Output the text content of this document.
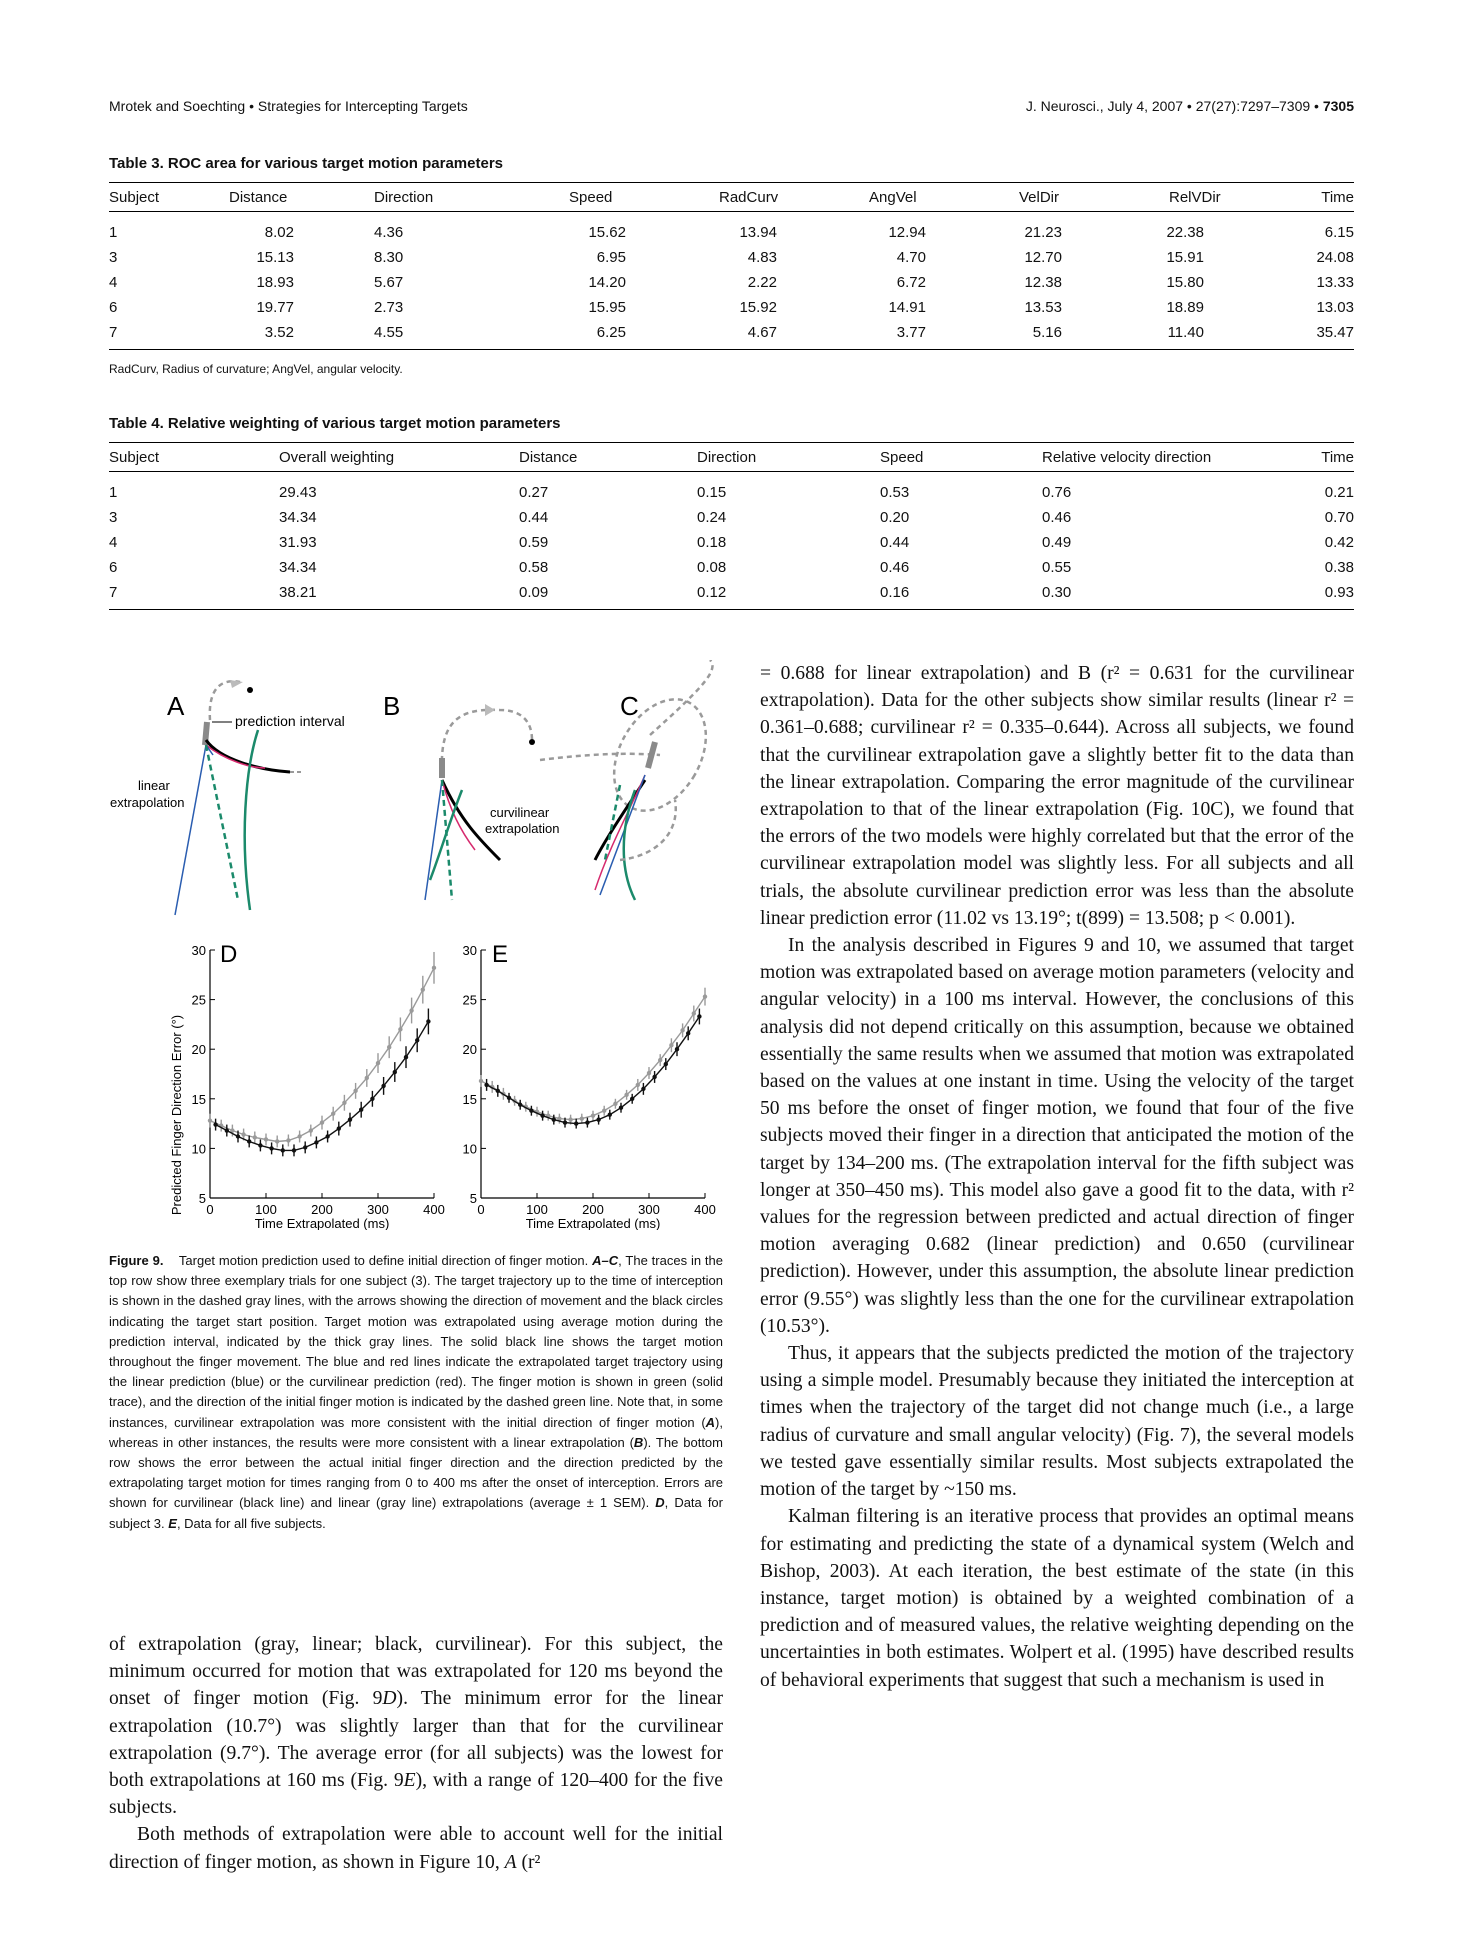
Mrotek and Soechting • Strategies for Intercepting Targets	J. Neurosci., July 4, 2007 • 27(27):7297–7309 • 7305
Table 3. ROC area for various target motion parameters
Subject	Distance	Direction	Speed	RadCurv	AngVel	VelDir	RelVDir	Time
1	8.02	4.36	15.62	13.94	12.94	21.23	22.38	6.15
3	15.13	8.30	6.95	4.83	4.70	12.70	15.91	24.08
4	18.93	5.67	14.20	2.22	6.72	12.38	15.80	13.33
6	19.77	2.73	15.95	15.92	14.91	13.53	18.89	13.03
7	3.52	4.55	6.25	4.67	3.77	5.16	11.40	35.47
RadCurv, Radius of curvature; AngVel, angular velocity.
Table 4. Relative weighting of various target motion parameters
Subject	Overall weighting	Distance	Direction	Speed	Relative velocity direction	Time
1	29.43	0.27	0.15	0.53	0.76	0.21
3	34.34	0.44	0.24	0.20	0.46	0.70
4	31.93	0.59	0.18	0.44	0.49	0.42
6	34.34	0.58	0.08	0.46	0.55	0.38
7	38.21	0.09	0.12	0.16	0.30	0.93
A	prediction interval
linear
extrapolation
B
curvilinear
extrapolation
C
D
Predicted Finger Direction Error (°) 5
10
15
20
25
30
0	100	200	300	400
Time Extrapolated (ms)
E
5
10
15
20
25
30
0	100	200	300	400
Time Extrapolated (ms)
Figure 9. Target motion prediction used to define initial direction of finger motion. A–C, The traces in the top row show three exemplary trials for one subject (3). The target trajectory up to the time of interception is shown in the dashed gray lines, with the arrows showing the direction of movement and the black circles indicating the target start position. Target motion was extrapolated using average motion during the prediction interval, indicated by the thick gray lines. The solid black line shows the target motion throughout the finger movement. The blue and red lines indicate the extrapolated target trajectory using the linear prediction (blue) or the curvilinear prediction (red). The finger motion is shown in green (solid trace), and the direction of the initial finger motion is indicated by the dashed green line. Note that, in some instances, curvilinear extrapolation was more consistent with the initial direction of finger motion (A), whereas in other instances, the results were more consistent with a linear extrapolation (B). The bottom row shows the error between the actual initial finger direction and the direction predicted by the extrapolating target motion for times ranging from 0 to 400 ms after the onset of interception. Errors are shown for curvilinear (black line) and linear (gray line) extrapolations (average ± 1 SEM). D, Data for subject 3. E, Data for all five subjects.

of extrapolation (gray, linear; black, curvilinear). For this subject, the minimum occurred for motion that was extrapolated for 120 ms beyond the onset of finger motion (Fig. 9D). The minimum error for the linear extrapolation (10.7°) was slightly larger than that for the curvilinear extrapolation (9.7°). The average error (for all subjects) was the lowest for both extrapolations at 160 ms (Fig. 9E), with a range of 120–400 for the five subjects.

Both methods of extrapolation were able to account well for the initial direction of finger motion, as shown in Figure 10, A (r²

= 0.688 for linear extrapolation) and B (r² = 0.631 for the curvilinear extrapolation). Data for the other subjects show similar results (linear r² = 0.361–0.688; curvilinear r² = 0.335–0.644). Across all subjects, we found that the curvilinear extrapolation gave a slightly better fit to the data than the linear extrapolation. Comparing the error magnitude of the curvilinear extrapolation to that of the linear extrapolation (Fig. 10C), we found that the errors of the two models were highly correlated but that the error of the curvilinear extrapolation model was slightly less. For all subjects and all trials, the absolute curvilinear prediction error was less than the absolute linear prediction error (11.02 vs 13.19°; t(899) = 13.508; p < 0.001).

In the analysis described in Figures 9 and 10, we assumed that target motion was extrapolated based on average motion parameters (velocity and angular velocity) in a 100 ms interval. However, the conclusions of this analysis did not depend critically on this assumption, because we obtained essentially the same results when we assumed that motion was extrapolated based on the values at one instant in time. Using the velocity of the target 50 ms before the onset of finger motion, we found that four of the five subjects moved their finger in a direction that anticipated the motion of the target by 134–200 ms. (The extrapolation interval for the fifth subject was longer at 350–450 ms). This model also gave a good fit to the data, with r² values for the regression between predicted and actual direction of finger motion averaging 0.682 (linear prediction) and 0.650 (curvilinear prediction). However, under this assumption, the absolute linear prediction error (9.55°) was slightly less than the one for the curvilinear extrapolation (10.53°).

Thus, it appears that the subjects predicted the motion of the trajectory using a simple model. Presumably because they initiated the interception at times when the trajectory of the target did not change much (i.e., a large radius of curvature and small angular velocity) (Fig. 7), the several models we tested gave essentially similar results. Most subjects extrapolated the motion of the target by ~150 ms.

Kalman filtering is an iterative process that provides an optimal means for estimating and predicting the state of a dynamical system (Welch and Bishop, 2003). At each iteration, the best estimate of the state (in this instance, target motion) is obtained by a weighted combination of a prediction and of measured values, the relative weighting depending on the uncertainties in both estimates. Wolpert et al. (1995) have described results of behavioral experiments that suggest that such a mechanism is used in
